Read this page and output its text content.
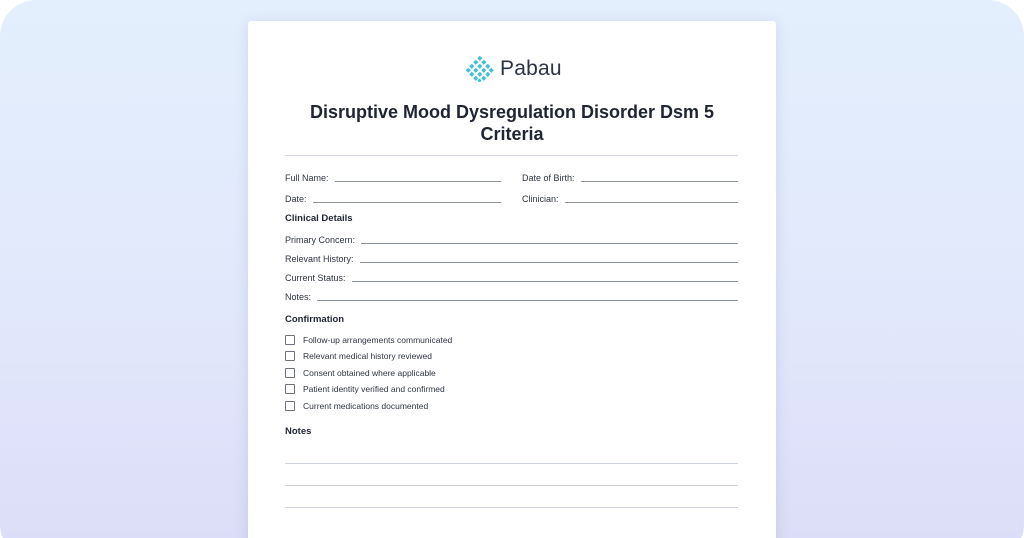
Pabau
Disruptive Mood Dysregulation Disorder Dsm 5 Criteria
Full Name:	Date of Birth:
Date:	Clinician:
Clinical Details
Primary Concern:
Relevant History:
Current Status:
Notes:
Confirmation
Follow-up arrangements communicated
Relevant medical history reviewed
Consent obtained where applicable
Patient identity verified and confirmed
Current medications documented
Notes
